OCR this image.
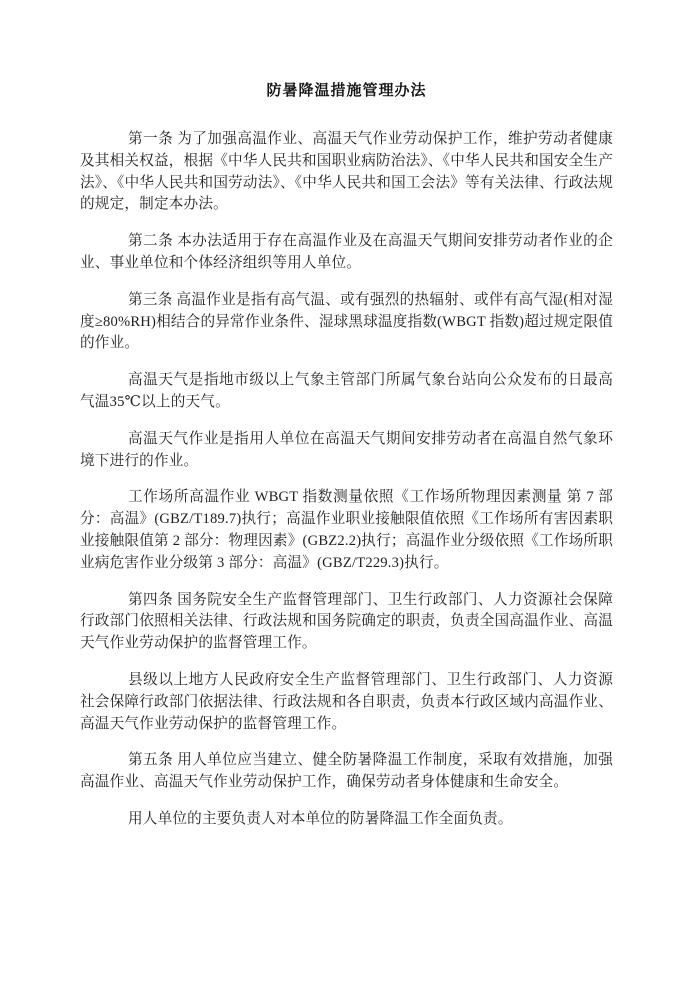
防暑降温措施管理办法

第一条 为了加强高温作业、高温天气作业劳动保护工作，维护劳动者健康及其相关权益，根据《中华人民共和国职业病防治法》、《中华人民共和国安全生产法》、《中华人民共和国劳动法》、《中华人民共和国工会法》等有关法律、行政法规的规定，制定本办法。

第二条 本办法适用于存在高温作业及在高温天气期间安排劳动者作业的企业、事业单位和个体经济组织等用人单位。

第三条 高温作业是指有高气温、或有强烈的热辐射、或伴有高气湿(相对湿度≥80%RH)相结合的异常作业条件、湿球黑球温度指数(WBGT 指数)超过规定限值的作业。

高温天气是指地市级以上气象主管部门所属气象台站向公众发布的日最高气温35℃以上的天气。

高温天气作业是指用人单位在高温天气期间安排劳动者在高温自然气象环境下进行的作业。

工作场所高温作业 WBGT 指数测量依照《工作场所物理因素测量 第 7 部分：高温》(GBZ/T189.7)执行；高温作业职业接触限值依照《工作场所有害因素职业接触限值第 2 部分：物理因素》(GBZ2.2)执行；高温作业分级依照《工作场所职业病危害作业分级第 3 部分：高温》(GBZ/T229.3)执行。

第四条 国务院安全生产监督管理部门、卫生行政部门、人力资源社会保障行政部门依照相关法律、行政法规和国务院确定的职责，负责全国高温作业、高温天气作业劳动保护的监督管理工作。

县级以上地方人民政府安全生产监督管理部门、卫生行政部门、人力资源社会保障行政部门依据法律、行政法规和各自职责，负责本行政区域内高温作业、高温天气作业劳动保护的监督管理工作。

第五条 用人单位应当建立、健全防暑降温工作制度，采取有效措施，加强高温作业、高温天气作业劳动保护工作，确保劳动者身体健康和生命安全。

用人单位的主要负责人对本单位的防暑降温工作全面负责。
